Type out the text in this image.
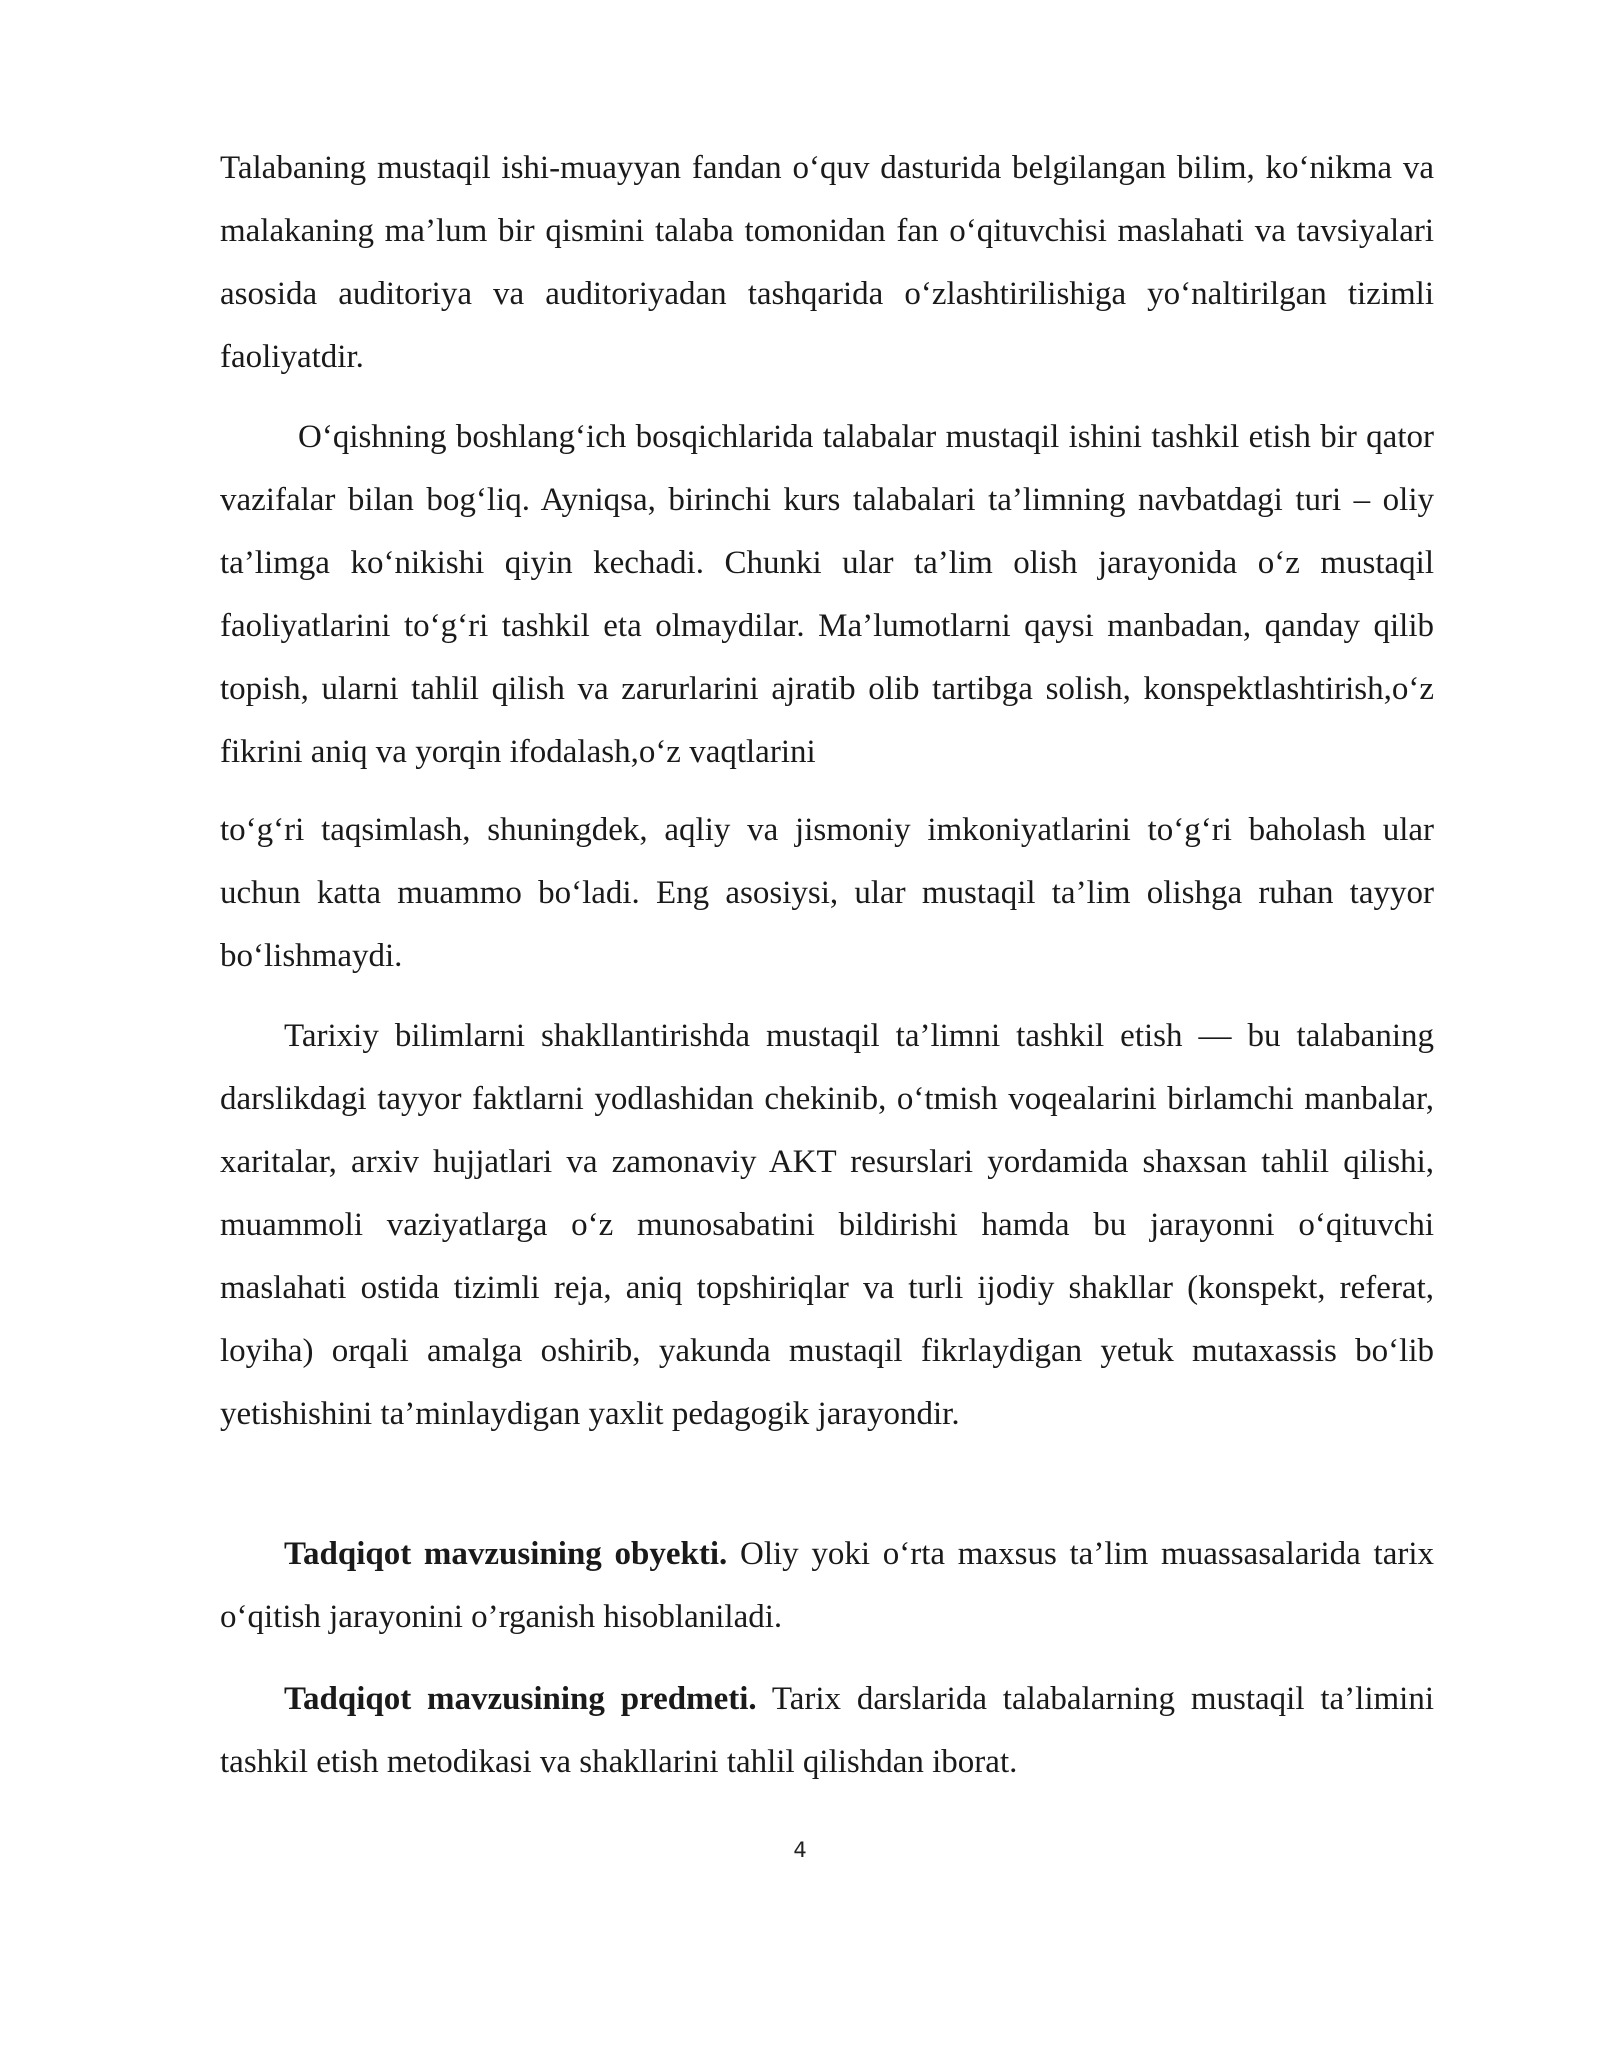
Talabaning mustaqil ishi-muayyan fandan o‘quv dasturida belgilangan bilim, ko‘nikma va malakaning ma’lum bir qismini talaba tomonidan fan o‘qituvchisi maslahati va tavsiyalari asosida auditoriya va auditoriyadan tashqarida o‘zlashtirilishiga yo‘naltirilgan tizimli faoliyatdir.

O‘qishning boshlang‘ich bosqichlarida talabalar mustaqil ishini tashkil etish bir qator vazifalar bilan bog‘liq. Ayniqsa, birinchi kurs talabalari ta’limning navbatdagi turi – oliy ta’limga ko‘nikishi qiyin kechadi. Chunki ular ta’lim olish jarayonida o‘z mustaqil faoliyatlarini to‘g‘ri tashkil eta olmaydilar. Ma’lumotlarni qaysi manbadan, qanday qilib topish, ularni tahlil qilish va zarurlarini ajratib olib tartibga solish, konspektlashtirish,o‘z fikrini aniq va yorqin ifodalash,o‘z vaqtlarini

to‘g‘ri taqsimlash, shuningdek, aqliy va jismoniy imkoniyatlarini to‘g‘ri baholash ular uchun katta muammo bo‘ladi. Eng asosiysi, ular mustaqil ta’lim olishga ruhan tayyor bo‘lishmaydi.

Tarixiy bilimlarni shakllantirishda mustaqil ta’limni tashkil etish — bu talabaning darslikdagi tayyor faktlarni yodlashidan chekinib, o‘tmish voqealarini birlamchi manbalar, xaritalar, arxiv hujjatlari va zamonaviy AKT resurslari yordamida shaxsan tahlil qilishi, muammoli vaziyatlarga o‘z munosabatini bildirishi hamda bu jarayonni o‘qituvchi maslahati ostida tizimli reja, aniq topshiriqlar va turli ijodiy shakllar (konspekt, referat, loyiha) orqali amalga oshirib, yakunda mustaqil fikrlaydigan yetuk mutaxassis bo‘lib yetishishini ta’minlaydigan yaxlit pedagogik jarayondir.

Tadqiqot mavzusining obyekti. Oliy yoki o‘rta maxsus ta’lim muassasalarida tarix o‘qitish jarayonini o’rganish hisoblaniladi.

Tadqiqot mavzusining predmeti. Tarix darslarida talabalarning mustaqil ta’limini tashkil etish metodikasi va shakllarini tahlil qilishdan iborat.

4
